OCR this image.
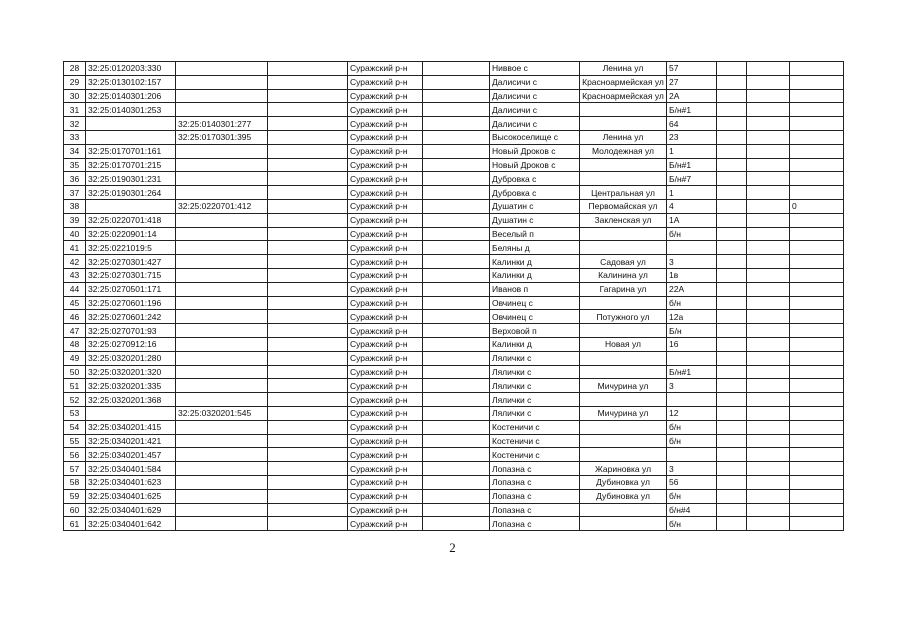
28	32:25:0120203:330			Суражский р-н		Ниввое с	Ленина ул	57			
29	32:25:0130102:157			Суражский р-н		Далисичи с	Красноармейская ул	27			
30	32:25:0140301:206			Суражский р-н		Далисичи с	Красноармейская ул	2А			
31	32:25:0140301:253			Суражский р-н		Далисичи с		Б/н#1			
32		32:25:0140301:277		Суражский р-н		Далисичи с		64			
33		32:25:0170301:395		Суражский р-н		Высокоселище с	Ленина ул	23			
34	32:25:0170701:161			Суражский р-н		Новый Дроков с	Молодежная ул	1			
35	32:25:0170701:215			Суражский р-н		Новый Дроков с		Б/н#1			
36	32:25:0190301:231			Суражский р-н		Дубровка с		Б/н#7			
37	32:25:0190301:264			Суражский р-н		Дубровка с	Центральная ул	1			
38		32:25:0220701:412		Суражский р-н		Душатин с	Первомайская ул	4			0
39	32:25:0220701:418			Суражский р-н		Душатин с	Закленская ул	1А			
40	32:25:0220901:14			Суражский р-н		Веселый п		б/н			
41	32:25:0221019:5			Суражский р-н		Беляны д					
42	32:25:0270301:427			Суражский р-н		Калинки д	Садовая ул	3			
43	32:25:0270301:715			Суражский р-н		Калинки д	Калинина ул	1в			
44	32:25:0270501:171			Суражский р-н		Иванов п	Гагарина ул	22А			
45	32:25:0270601:196			Суражский р-н		Овчинец с		б/н			
46	32:25:0270601:242			Суражский р-н		Овчинец с	Потужного ул	12а			
47	32:25:0270701:93			Суражский р-н		Верховой п		Б/н			
48	32:25:0270912:16			Суражский р-н		Калинки д	Новая ул	16			
49	32:25:0320201:280			Суражский р-н		Лялички с					
50	32:25:0320201:320			Суражский р-н		Лялички с		Б/н#1			
51	32:25:0320201:335			Суражский р-н		Лялички с	Мичурина ул	3			
52	32:25:0320201:368			Суражский р-н		Лялички с					
53		32:25:0320201:545		Суражский р-н		Лялички с	Мичурина ул	12			
54	32:25:0340201:415			Суражский р-н		Костеничи с		б/н			
55	32:25:0340201:421			Суражский р-н		Костеничи с		б/н			
56	32:25:0340201:457			Суражский р-н		Костеничи с					
57	32:25:0340401:584			Суражский р-н		Лопазна с	Жариновка ул	3			
58	32:25:0340401:623			Суражский р-н		Лопазна с	Дубиновка ул	56			
59	32:25:0340401:625			Суражский р-н		Лопазна с	Дубиновка ул	б/н			
60	32:25:0340401:629			Суражский р-н		Лопазна с		б/н#4			
61	32:25:0340401:642			Суражский р-н		Лопазна с		б/н			
2
